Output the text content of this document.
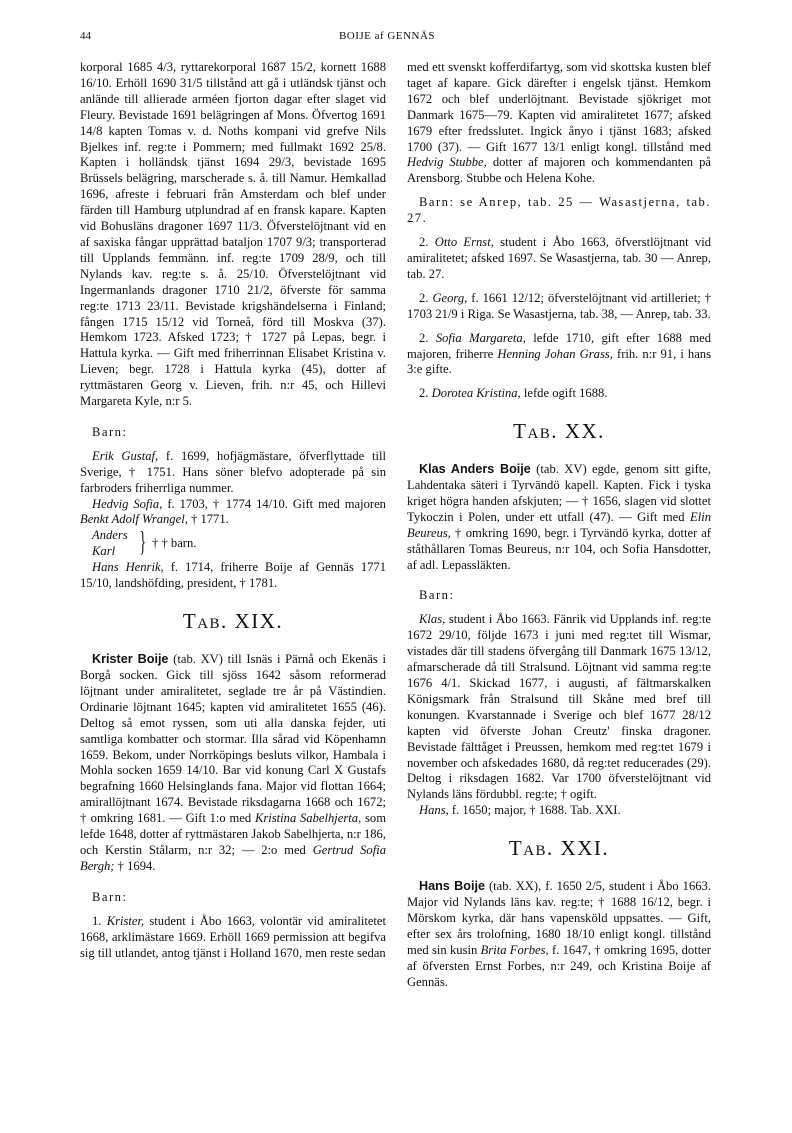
44	BOIJE af GENNÄS

korporal 1685 4/3, ryttarekorporal 1687 15/2, kornett 1688 16/10. Erhöll 1690 31/5 tillstånd att gå i utländsk tjänst och anlände till allierade arméen fjorton dagar efter slaget vid Fleury. Bevistade 1691 belägringen af Mons. Öfvertog 1691 14/8 kapten Tomas v. d. Noths kompani vid grefve Nils Bjelkes inf. reg:te i Pommern; med fullmakt 1692 25/8. Kapten i holländsk tjänst 1694 29/3, bevistade 1695 Brüssels belägring, marscherade s. å. till Namur. Hemkallad 1696, afreste i februari från Amsterdam och blef under färden till Hamburg utplundrad af en fransk kapare. Kapten vid Bohusläns dragoner 1697 11/3. Öfverstelöjtnant vid en af saxiska fångar upprättad bataljon 1707 9/3; transporterad till Upplands femmänn. inf. reg:te 1709 28/9, och till Nylands kav. reg:te s. å. 25/10. Öfverstelöjtnant vid Ingermanlands dragoner 1710 21/2, öfverste för samma reg:te 1713 23/11. Bevistade krigshändelserna i Finland; fången 1715 15/12 vid Torneå, förd till Moskva (37). Hemkom 1723. Afsked 1723; † 1727 på Lepas, begr. i Hattula kyrka. — Gift med friherrinnan Elisabet Kristina v. Lieven; begr. 1728 i Hattula kyrka (45), dotter af ryttmästaren Georg v. Lieven, frih. n:r 45, och Hillevi Margareta Kyle, n:r 5.

Barn:

Erik Gustaf, f. 1699, hofjägmästare, öfverflyttade till Sverige, † 1751. Hans söner blefvo adopterade på sin farbroders friherrliga nummer.

Hedvig Sofia, f. 1703, † 1774 14/10. Gift med majoren Benkt Adolf Wrangel, † 1771.

Anders
Karl } † † barn.

Hans Henrik, f. 1714, friherre Boije af Gennäs 1771 15/10, landshöfding, president, † 1781.

Tab. XIX.

Krister Boije (tab. XV) till Isnäs i Pärnå och Ekenäs i Borgå socken. Gick till sjöss 1642 såsom reformerad löjtnant under amiralitetet, seglade tre år på Västindien. Ordinarie löjtnant 1645; kapten vid amiralitetet 1655 (46). Deltog så emot ryssen, som uti alla danska fejder, uti samtliga kombatter och stormar. Illa sårad vid Köpenhamn 1659. Bekom, under Norrköpings besluts vilkor, Hambala i Mohla socken 1659 14/10. Bar vid konung Carl X Gustafs begrafning 1660 Helsinglands fana. Major vid flottan 1664; amirallöjtnant 1674. Bevistade riksdagarna 1668 och 1672; † omkring 1681. — Gift 1:o med Kristina Sabelhjerta, som lefde 1648, dotter af ryttmästaren Jakob Sabelhjerta, n:r 186, och Kerstin Stålarm, n:r 32; — 2:o med Gertrud Sofia Bergh; † 1694.

Barn:

1. Krister, student i Åbo 1663, volontär vid amiralitetet 1668, arklimästare 1669. Erhöll 1669 permission att begifva sig till utlandet, antog tjänst i Holland 1670, men reste sedan

med ett svenskt kofferdifartyg, som vid skottska kusten blef taget af kapare. Gick därefter i engelsk tjänst. Hemkom 1672 och blef underlöjtnant. Bevistade sjökriget mot Danmark 1675—79. Kapten vid amiralitetet 1677; afsked 1679 efter fredsslutet. Ingick ånyo i tjänst 1683; afsked 1700 (37). — Gift 1677 13/1 enligt kongl. tillstånd med Hedvig Stubbe, dotter af majoren och kommendanten på Arensborg. Stubbe och Helena Kohe.

Barn: se Anrep, tab. 25 — Wasastjerna, tab. 27.

2. Otto Ernst, student i Åbo 1663, öfverstlöjtnant vid amiralitetet; afsked 1697. Se Wasastjerna, tab. 30 — Anrep, tab. 27.

2. Georg, f. 1661 12/12; öfverstelöjtnant vid artilleriet; † 1703 21/9 i Riga. Se Wasastjerna, tab. 38, — Anrep, tab. 33.

2. Sofia Margareta, lefde 1710, gift efter 1688 med majoren, friherre Henning Johan Grass, frih. n:r 91, i hans 3:e gifte.

2. Dorotea Kristina, lefde ogift 1688.

Tab. XX.

Klas Anders Boije (tab. XV) egde, genom sitt gifte, Lahdentaka säteri i Tyrvändö kapell. Kapten. Fick i tyska kriget högra handen afskjuten; — † 1656, slagen vid slottet Tykoczin i Polen, under ett utfall (47). — Gift med Elin Beureus, † omkring 1690, begr. i Tyrvändö kyrka, dotter af ståthållaren Tomas Beureus, n:r 104, och Sofia Hansdotter, af adl. Lepassläkten.

Barn:

Klas, student i Åbo 1663. Fänrik vid Upplands inf. reg:te 1672 29/10, följde 1673 i juni med reg:tet till Wismar, vistades där till stadens öfvergång till Danmark 1675 13/12, afmarscherade då till Stralsund. Löjtnant vid samma reg:te 1676 4/1. Skickad 1677, i augusti, af fältmarskalken Königsmark från Stralsund till Skåne med bref till konungen. Kvarstannade i Sverige och blef 1677 28/12 kapten vid öfverste Johan Creutz' finska dragoner. Bevistade fälttåget i Preussen, hemkom med reg:tet 1679 i november och afskedades 1680, då reg:tet reducerades (29). Deltog i riksdagen 1682. Var 1700 öfverstelöjtnant vid Nylands läns fördubbl. reg:te; † ogift.

Hans, f. 1650; major, † 1688. Tab. XXI.

Tab. XXI.

Hans Boije (tab. XX), f. 1650 2/5, student i Åbo 1663. Major vid Nylands läns kav. reg:te; † 1688 16/12, begr. i Mörskom kyrka, där hans vapensköld uppsattes. — Gift, efter sex års trolofning, 1680 18/10 enligt kongl. tillstånd med sin kusin Brita Forbes, f. 1647, † omkring 1695, dotter af öfversten Ernst Forbes, n:r 249, och Kristina Boije af Gennäs.
